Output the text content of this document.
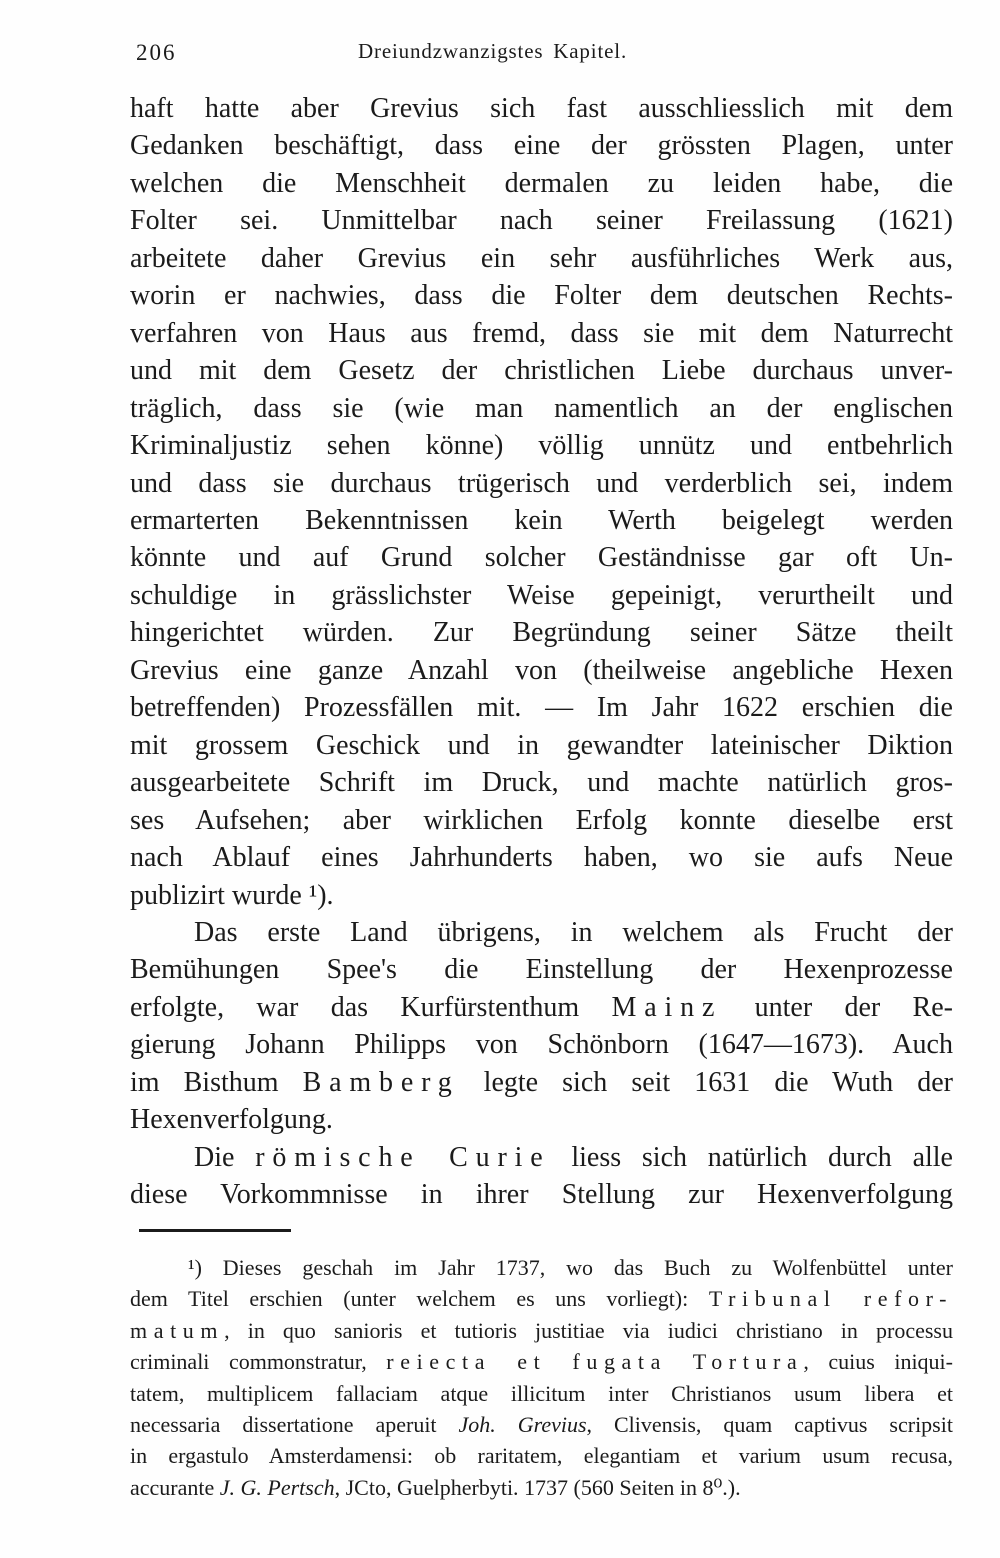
206	Dreiundzwanzigstes Kapitel.
haft hatte aber Grevius sich fast ausschliesslich mit dem
Gedanken beschäftigt, dass eine der grössten Plagen, unter
welchen die Menschheit dermalen zu leiden habe, die
Folter sei. Unmittelbar nach seiner Freilassung (1621)
arbeitete daher Grevius ein sehr ausführliches Werk aus,
worin er nachwies, dass die Folter dem deutschen Rechts-
verfahren von Haus aus fremd, dass sie mit dem Naturrecht
und mit dem Gesetz der christlichen Liebe durchaus unver-
träglich, dass sie (wie man namentlich an der englischen
Kriminaljustiz sehen könne) völlig unnütz und entbehrlich
und dass sie durchaus trügerisch und verderblich sei, indem
ermarterten Bekenntnissen kein Werth beigelegt werden
könnte und auf Grund solcher Geständnisse gar oft Un-
schuldige in grässlichster Weise gepeinigt, verurtheilt und
hingerichtet würden. Zur Begründung seiner Sätze theilt
Grevius eine ganze Anzahl von (theilweise angebliche Hexen
betreffenden) Prozessfällen mit. — Im Jahr 1622 erschien die
mit grossem Geschick und in gewandter lateinischer Diktion
ausgearbeitete Schrift im Druck, und machte natürlich gros-
ses Aufsehen; aber wirklichen Erfolg konnte dieselbe erst
nach Ablauf eines Jahrhunderts haben, wo sie aufs Neue
publizirt wurde ¹).
Das erste Land übrigens, in welchem als Frucht der
Bemühungen Spee's die Einstellung der Hexenprozesse
erfolgte, war das Kurfürstenthum Mainz unter der Re-
gierung Johann Philipps von Schönborn (1647—1673). Auch
im Bisthum Bamberg legte sich seit 1631 die Wuth der
Hexenverfolgung.
Die römische Curie liess sich natürlich durch alle
diese Vorkommnisse in ihrer Stellung zur Hexenverfolgung
¹) Dieses geschah im Jahr 1737, wo das Buch zu Wolfenbüttel unter
dem Titel erschien (unter welchem es uns vorliegt): Tribunal refor-
matum, in quo sanioris et tutioris justitiae via iudici christiano in processu
criminali commonstratur, reiecta et fugata Tortura, cuius iniqui-
tatem, multiplicem fallaciam atque illicitum inter Christianos usum libera et
necessaria dissertatione aperuit Joh. Grevius, Clivensis, quam captivus scripsit
in ergastulo Amsterdamensi: ob raritatem, elegantiam et varium usum recusa,
accurante J. G. Pertsch, JCto, Guelpherbyti. 1737 (560 Seiten in 8⁰.).
